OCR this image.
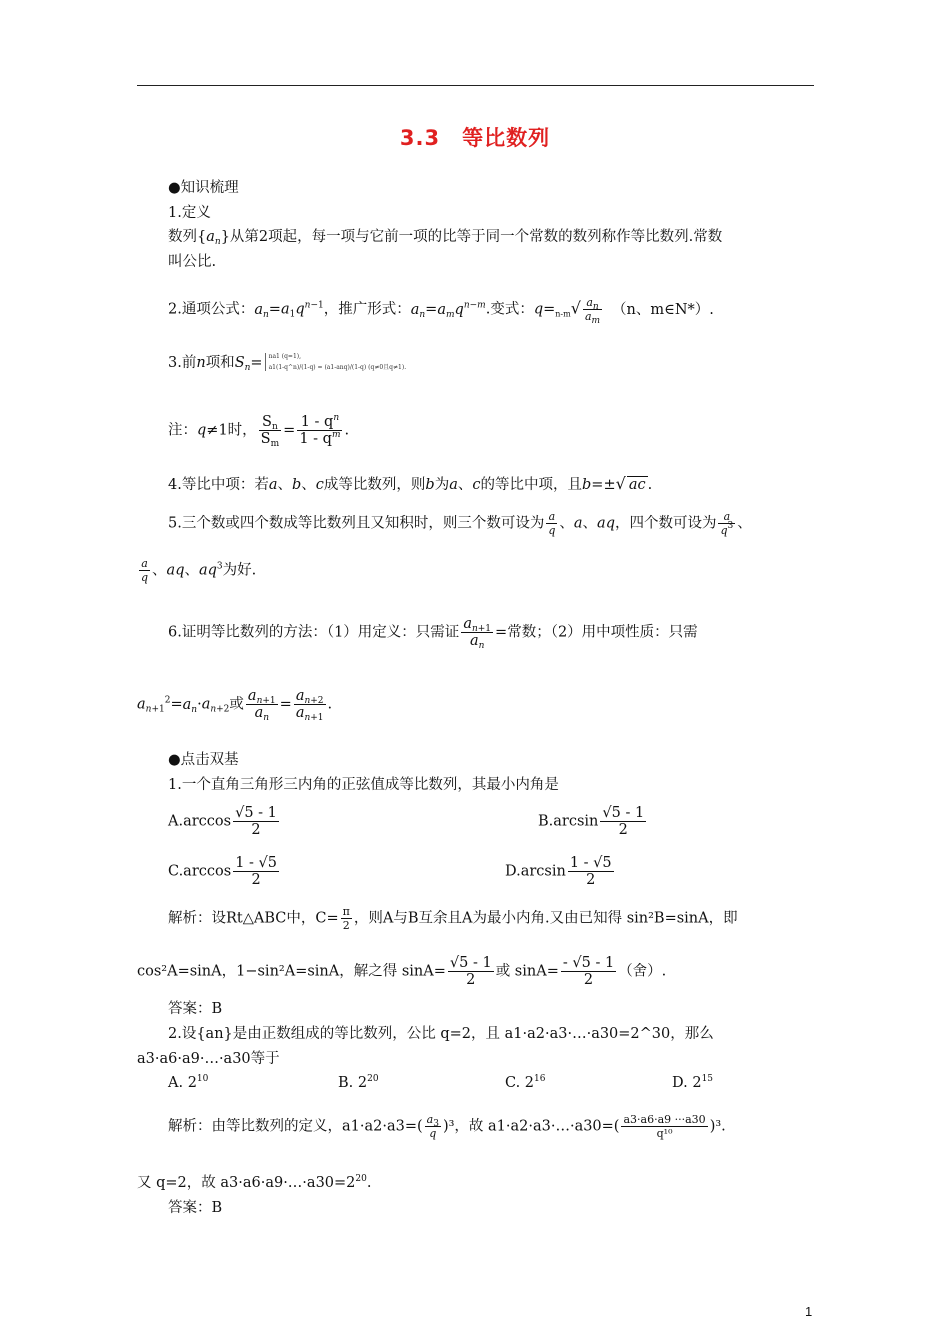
3.3　等比数列
●知识梳理
1.定义
数列$\{a_n\}$从第2项起，每一项与它前一项的比等于同一个常数的数列称作等比数列.常数
叫公比.
2.通项公式：$a_n=a_1q^{n-1}$，推广形式：$a_n=a_mq^{n-m}$.变式：$q=_{n-m}√ \frac{a_n}{a_m} (n$、m∈N*）.
3.前n项和$S_n= na1$ (q=1),
a1(1-q^n)/(1-q) = (a1-anq)/(1-q) (q≠0且q≠1).
注：q≠1时， $\frac{S_n}{S_m} = \frac{1 - q^n}{1 - q^m}$ .
4.等比中项：若a、b、c成等比数列，则b为a、c的等比中项，且b=±√ ac .
5.三个数或四个数成等比数列且又知积时，则三个数可设为 $\frac{a}{q}$ 、a、aq，四个数可设为 $\frac{a}{q^3}$ 、
$\frac{a}{q}$ 、aq、$aq^3$为好.
6.证明等比数列的方法：（1）用定义：只需证 $\frac{a_{n+1}}{a_n}$ =常数；（2）用中项性质：只需
$a_{n+1}^2=a_n\cdot a_{n+2}$或 $\frac{a_{n+1}}{a_n} = \frac{a_{n+2}}{a_{n+1}}$ .
●点击双基
1.一个直角三角形三内角的正弦值成等比数列，其最小内角是
$A.\arccos \frac{√5 - 1}{2}$	$B.\arcsin \frac{√5 - 1}{2}$
$C.\arccos \frac{1 - √5}{2}$	$D.\arcsin \frac{1 - √5}{2}$
解析：设Rt△ABC中，$C= \frac{\pi}{2}$ ，则A与B互余且A为最小内角.又由已知得 sin²B=sinA，即
cos²A=sinA，1−sin²A=sinA，解之得 $\sin A= \frac{√5 - 1}{2}$ 或 $\sin A= \frac{- √5 - 1}{2}$ （舍）.
答案：B
2.设{an}是由正数组成的等比数列，公比 q=2，且 a1·a2·a3·…·a30=2^30，那么
a3·a6·a9·…·a30等于
A. $2^{10}$	B. $2^{20}$	C. $2^{16}$	D. $2^{15}$
解析：由等比数列的定义，$a1\cdot a2\cdot a3=( \frac{a_3}{q} )^3$，故 a1·a2·a3·…·a30=( $\frac{a3\cdot a6\cdot a9 \cdot\cdot\cdot a30}{\text{q¹⁰}} )^3$.
又 q=2，故 $a3\cdot a6\cdot a9\cdot\dots\cdot a30=2^{20}$.
答案：B
1
